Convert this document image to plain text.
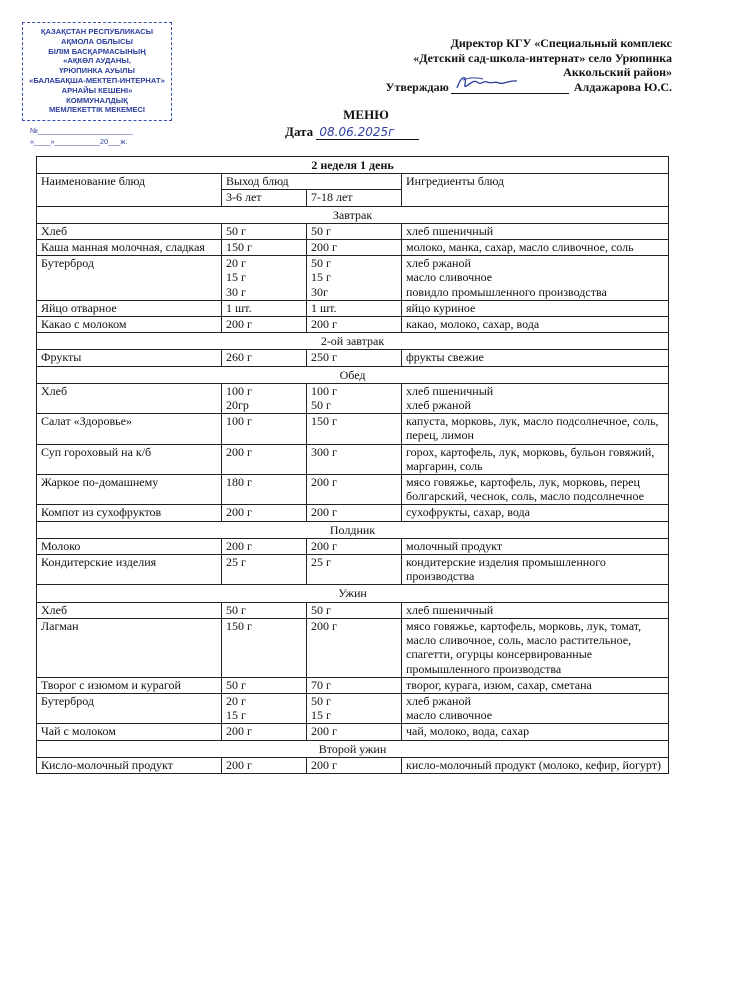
ҚАЗАҚСТАН РЕСПУБЛИКАСЫ
АҚМОЛА ОБЛЫСЫ
БІЛІМ БАСҚАРМАСЫНЫҢ
«АҚКӨЛ АУДАНЫ,
ҮРЮПИНКА АУЫЛЫ
«БАЛАБАҚША-МЕКТЕП-ИНТЕРНАТ»
АРНАЙЫ КЕШЕНІ»
КОММУНАЛДЫҚ
МЕМЛЕКЕТТІК МЕКЕМЕСІ
№_______________________
«____»___________20___ж.
Директор КГУ «Специальный комплекс
«Детский сад-школа-интернат» село Урюпинка
Аккольский район»
Утверждаю	Алдажарова Ю.С.
МЕНЮ
Дата 08.06.2025г
2 неделя 1 день			
Наименование блюд	Выход блюд		Ингредиенты блюд
	3-6 лет	7-18 лет	
Завтрак			
Хлеб	50 г	50 г	хлеб пшеничный
Каша манная молочная, сладкая	150 г	200 г	молоко, манка, сахар, масло сливочное, соль
Бутерброд	20 г
15 г
30 г	50 г
15 г
30г	хлеб ржаной
масло сливочное
повидло промышленного производства

Яйцо отварное	1 шт.	1 шт.	яйцо куриное
Какао с молоком	200 г	200 г	какао, молоко, сахар, вода
2-ой завтрак			
Фрукты	260 г	250 г	фрукты свежие
Обед			
Хлеб	100 г
20гр	100 г
50 г	хлеб пшеничный
хлеб ржаной

Салат «Здоровье»	100 г	150 г	капуста, морковь, лук, масло подсолнечное, соль, перец, лимон
Суп гороховый на к/б	200 г	300 г	горох, картофель, лук, морковь, бульон говяжий, маргарин, соль
Жаркое по-домашнему	180 г	200 г	мясо говяжье, картофель, лук, морковь, перец болгарский, чеснок, соль, масло подсолнечное
Компот из сухофруктов	200 г	200 г	сухофрукты, сахар, вода
Полдник			
Молоко	200 г	200 г	молочный продукт
Кондитерские изделия	25 г	25 г	кондитерские изделия промышленного производства
Ужин			
Хлеб	50 г	50 г	хлеб пшеничный
Лагман	150 г	200 г	мясо говяжье, картофель, морковь, лук, томат, масло сливочное, соль, масло растительное, спагетти, огурцы консервированные промышленного производства
Творог с изюмом и курагой	50 г	70 г	творог, курага, изюм, сахар, сметана
Бутерброд	20 г
15 г	50 г
15 г	хлеб ржаной
масло сливочное

Чай с молоком	200 г	200 г	чай, молоко, вода, сахар
Второй ужин			
Кисло-молочный продукт	200 г	200 г	кисло-молочный продукт (молоко, кефир, йогурт)
